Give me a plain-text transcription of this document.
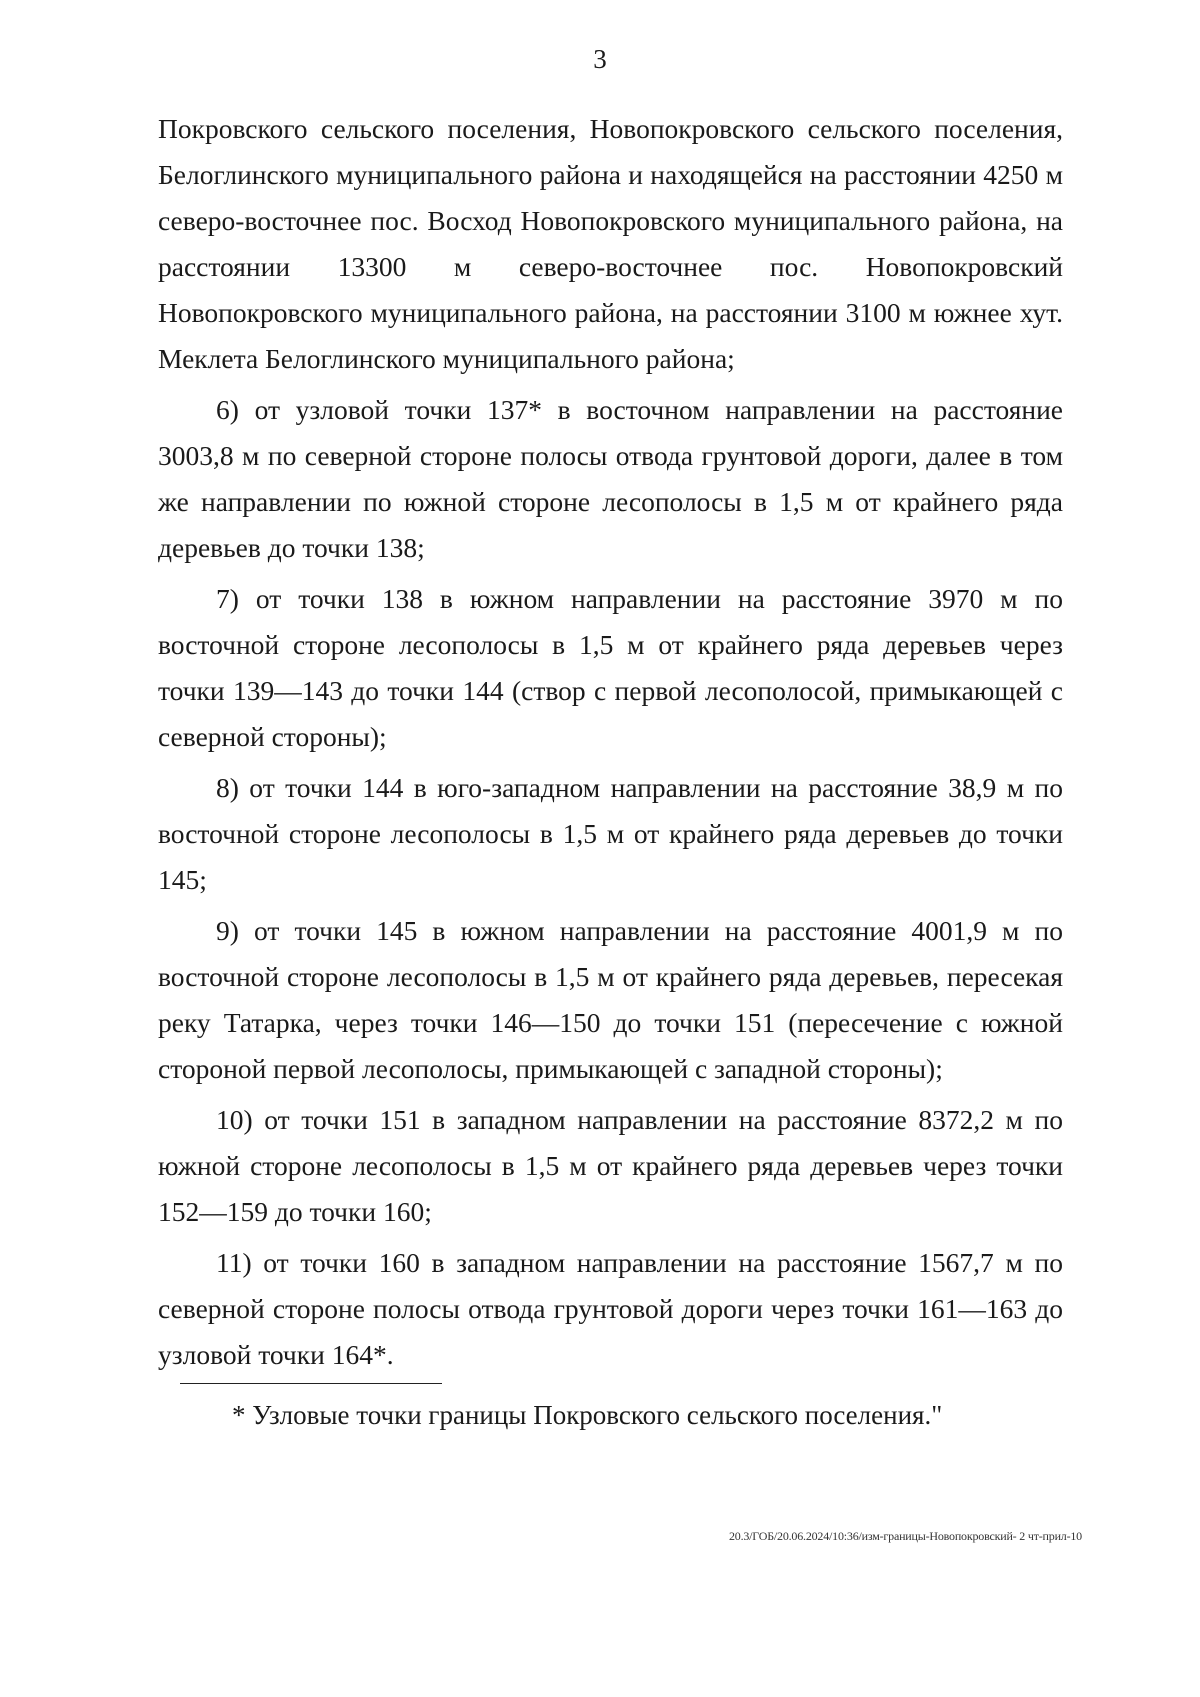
3

Покровского сельского поселения, Новопокровского сельского поселения, Белоглинского муниципального района и находящейся на расстоянии 4250 м северо-восточнее пос. Восход Новопокровского муниципального района, на расстоянии 13300 м северо-восточнее пос. Новопокровский Новопокровского муниципального района, на расстоянии 3100 м южнее хут. Меклета Белоглинского муниципального района;

6) от узловой точки 137* в восточном направлении на расстояние 3003,8 м по северной стороне полосы отвода грунтовой дороги, далее в том же направлении по южной стороне лесополосы в 1,5 м от крайнего ряда деревьев до точки 138;

7) от точки 138 в южном направлении на расстояние 3970 м по восточной стороне лесополосы в 1,5 м от крайнего ряда деревьев через точки 139—143 до точки 144 (створ с первой лесополосой, примыкающей с северной стороны);

8) от точки 144 в юго-западном направлении на расстояние 38,9 м по восточной стороне лесополосы в 1,5 м от крайнего ряда деревьев до точки 145;

9) от точки 145 в южном направлении на расстояние 4001,9 м по восточной стороне лесополосы в 1,5 м от крайнего ряда деревьев, пересекая реку Татарка, через точки 146—150 до точки 151 (пересечение с южной стороной первой лесополосы, примыкающей с западной стороны);

10) от точки 151 в западном направлении на расстояние 8372,2 м по южной стороне лесополосы в 1,5 м от крайнего ряда деревьев через точки 152—159 до точки 160;

11) от точки 160 в западном направлении на расстояние 1567,7 м по северной стороне полосы отвода грунтовой дороги через точки 161—163 до узловой точки 164*.

* Узловые точки границы Покровского сельского поселения."
20.3/ГОБ/20.06.2024/10:36/изм-границы-Новопокровский- 2 чт-прил-10
